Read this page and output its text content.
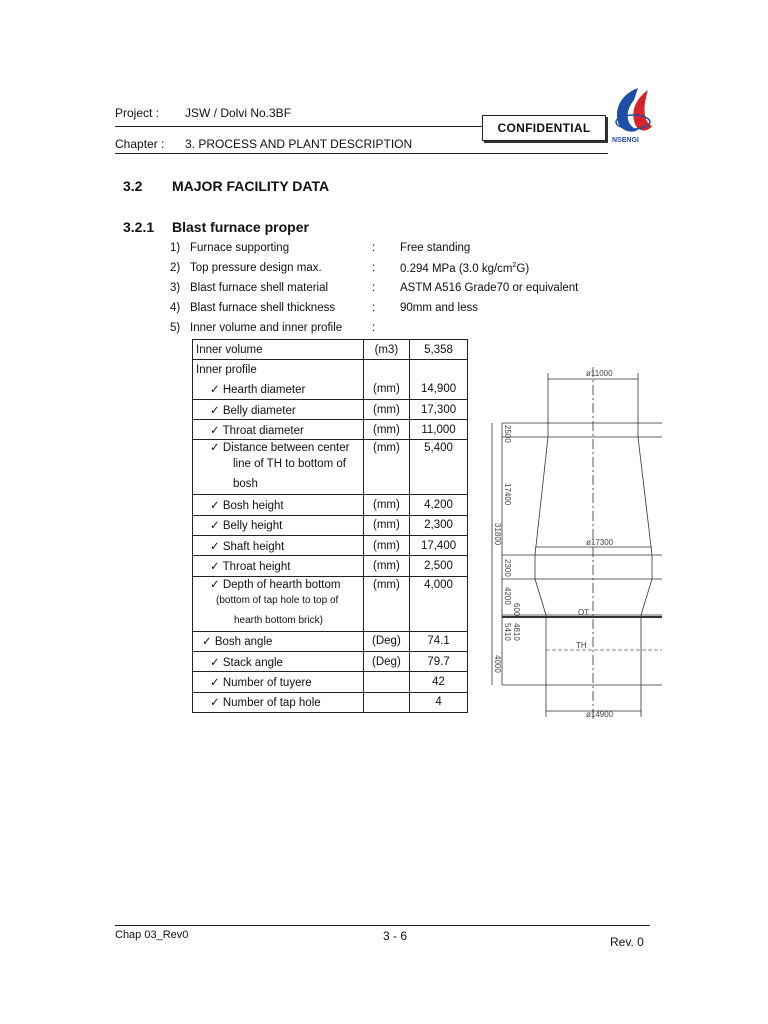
Project : JSW / Dolvi No.3BF
Chapter : 3. PROCESS AND PLANT DESCRIPTION
CONFIDENTIAL
NSENGI
3.2 MAJOR FACILITY DATA
3.2.1 Blast furnace proper
1) Furnace supporting	: Free standing
2) Top pressure design max.	: 0.294 MPa (3.0 $kg/cm^2G$)
3) Blast furnace shell material	: ASTM A516 Grade70 or equivalent
4) Blast furnace shell thickness	: 90mm and less
5) Inner volume and inner profile	:
Inner volume	(m3)	5,358
Inner profile		
✓ Hearth diameter	(mm)	14,900
✓ Belly diameter	(mm)	17,300
✓ Throat diameter	(mm)	11,000
✓ Distance between center
line of TH to bottom of
bosh	(mm)	5,400
✓ Bosh height	(mm)	4,200
✓ Belly height	(mm)	2,300
✓ Shaft height	(mm)	17,400
✓ Throat height	(mm)	2,500
✓ Depth of hearth bottom
(bottom of tap hole to top of
hearth bottom brick)	(mm)	4,000
✓ Bosh angle	(Deg)	74.1
✓ Stack angle	(Deg)	79.7
✓ Number of tuyere		42
✓ Number of tap hole		4
ø11000
ø17300
ø14900
OT
TH
2500
17400
31800
2300
4200
5410
4000
600
4810
Chap 03_Rev0	3 - 6	Rev. 0
